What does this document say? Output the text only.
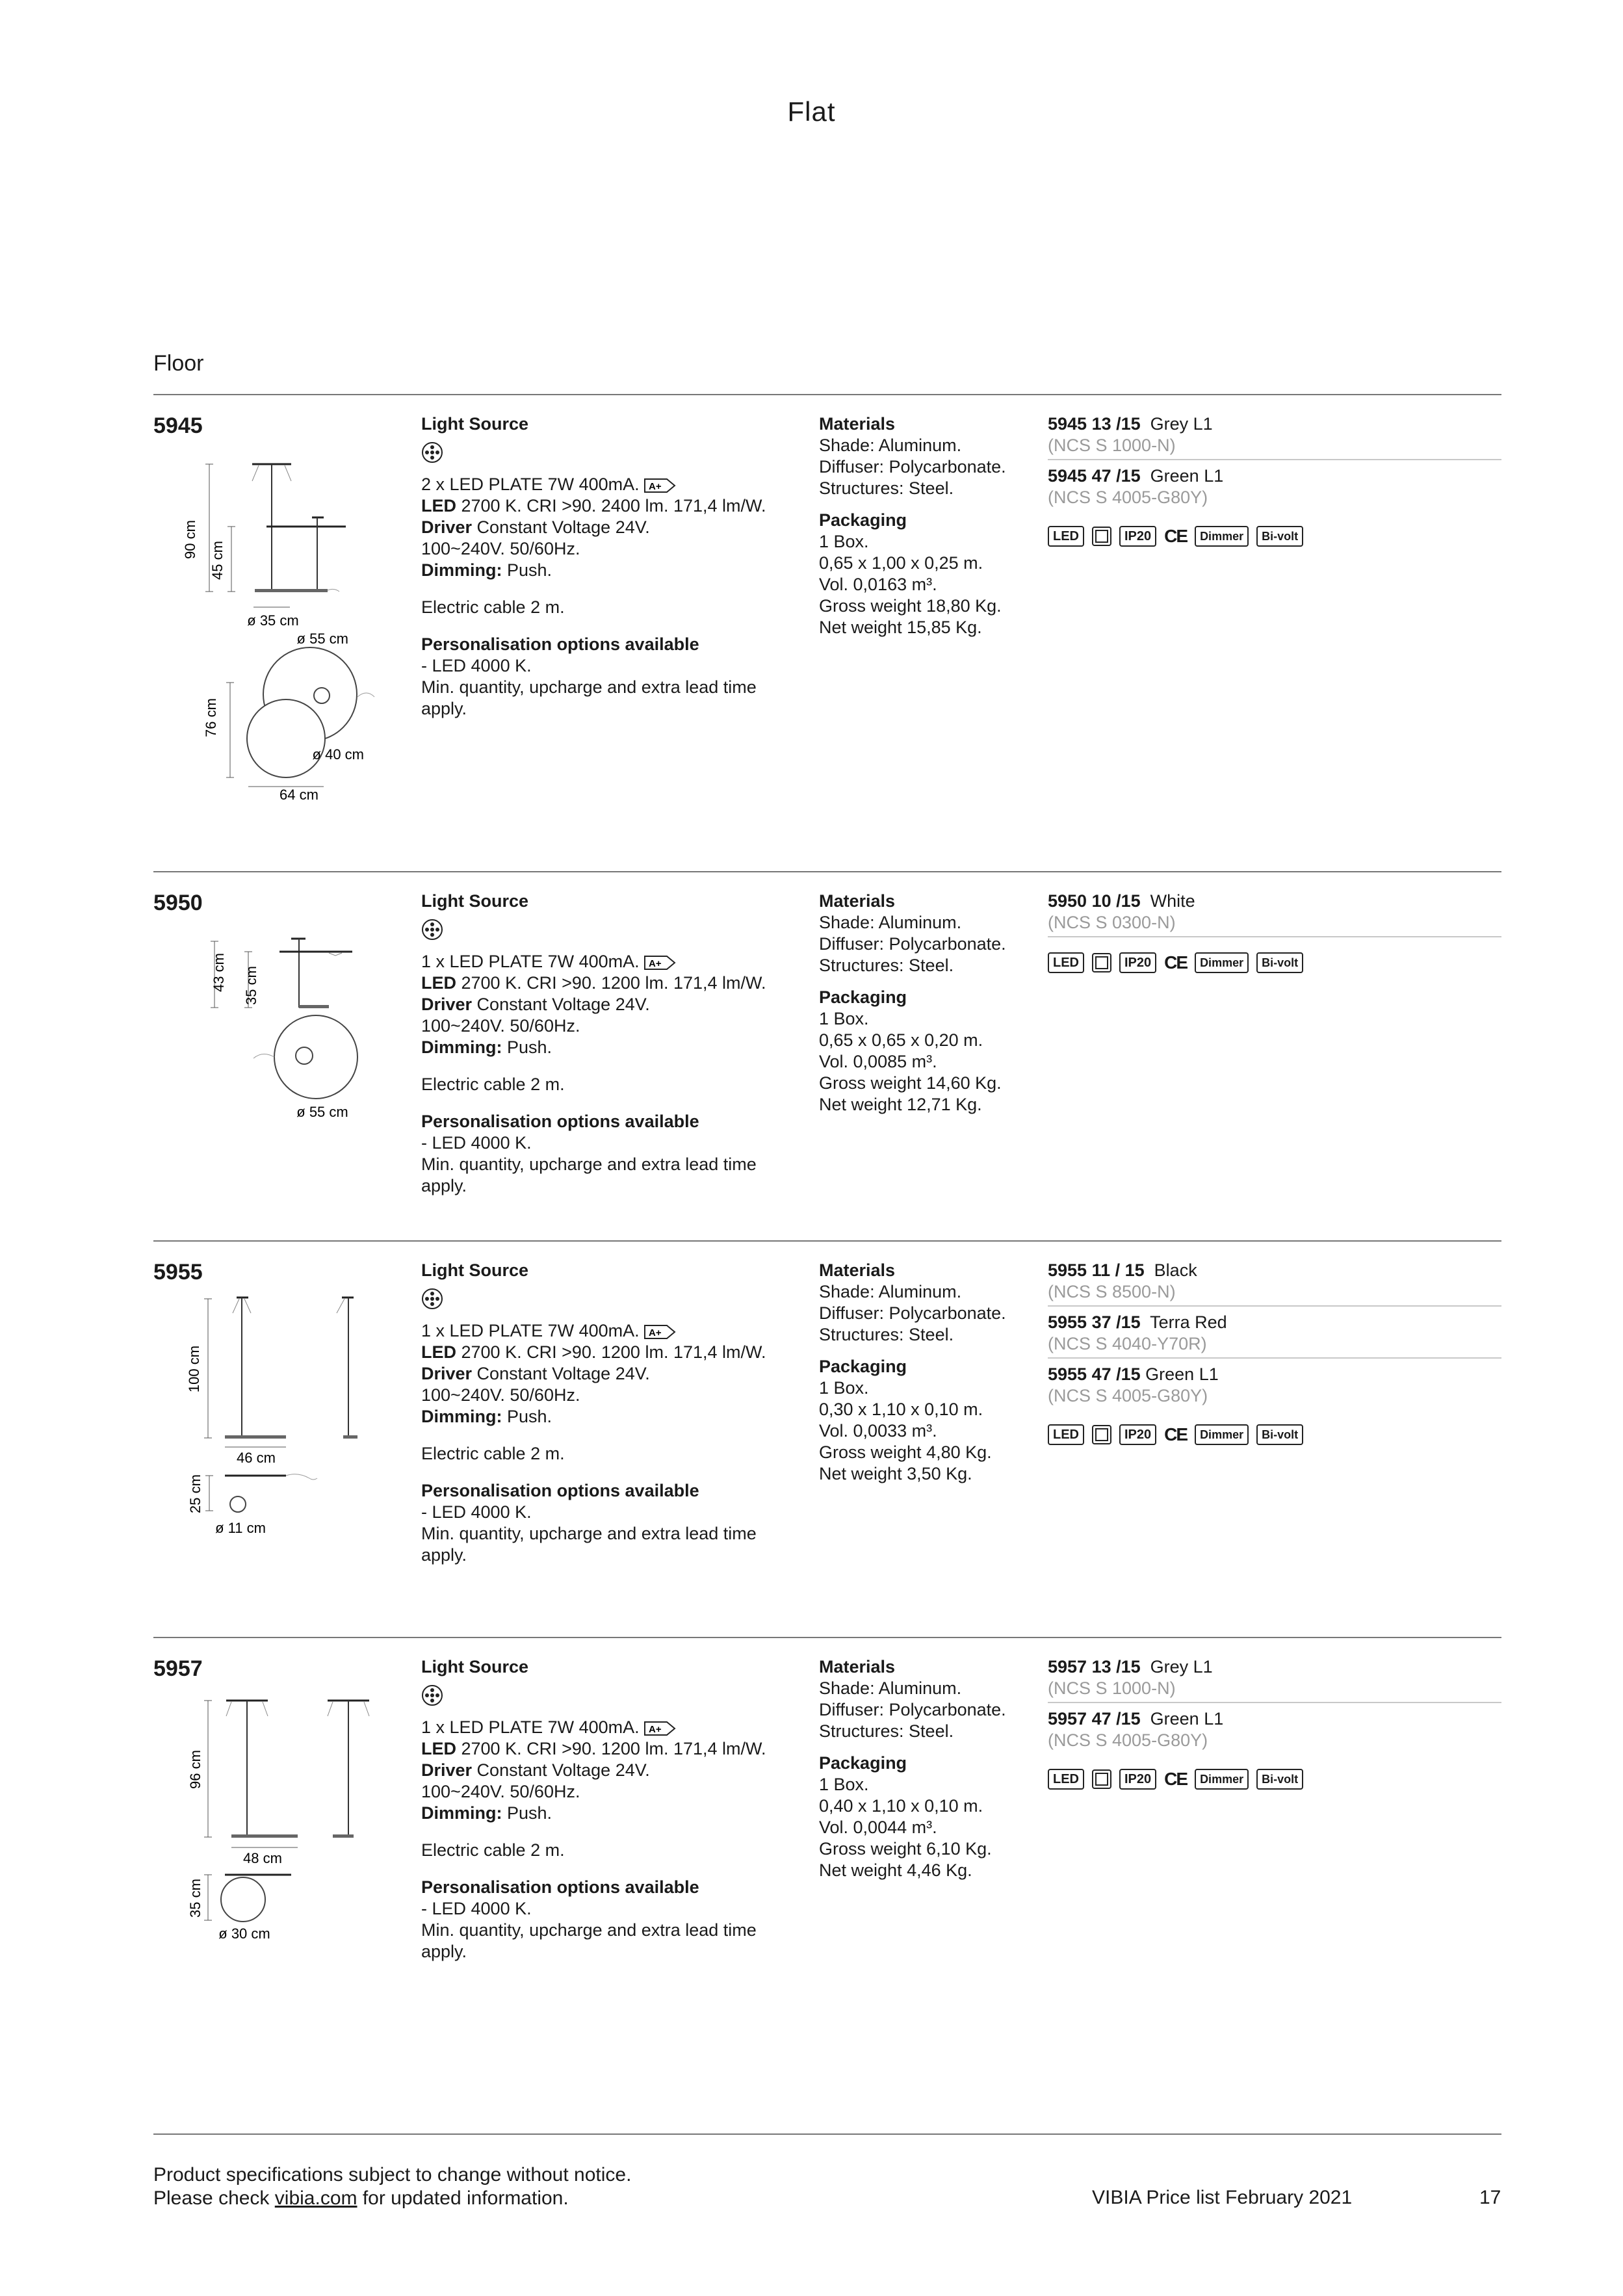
Flat
Floor
5945
90 cm
45 cm
ø 35 cm
ø 55 cm
76 cm
ø 40 cm
64 cm
Light Source
2 x LED PLATE 7W 400mA. A+
LED 2700 K. CRI >90. 2400 lm. 171,4 lm/W.
Driver Constant Voltage 24V.
100~240V. 50/60Hz.
Dimming: Push.
Electric cable 2 m.
Personalisation options available
- LED 4000 K.
Min. quantity, upcharge and extra lead time apply.
Materials
Shade: Aluminum.
Diffuser: Polycarbonate.
Structures: Steel.
Packaging
1 Box.
0,65 x 1,00 x 0,25 m.
Vol. 0,0163 m³.
Gross weight 18,80 Kg.
Net weight 15,85 Kg.
5945 13 /15 Grey L1
(NCS S 1000-N)
5945 47 /15 Green L1
(NCS S 4005-G80Y)
LED	IP20 CE	Dimmer	Bi-volt
5950
43 cm 35 cm
ø 55 cm
Light Source
1 x LED PLATE 7W 400mA. A+
LED 2700 K. CRI >90. 1200 lm. 171,4 lm/W.
Driver Constant Voltage 24V.
100~240V. 50/60Hz.
Dimming: Push.
Electric cable 2 m.
Personalisation options available
- LED 4000 K.
Min. quantity, upcharge and extra lead time apply.
Materials
Shade: Aluminum.
Diffuser: Polycarbonate.
Structures: Steel.
Packaging
1 Box.
0,65 x 0,65 x 0,20 m.
Vol. 0,0085 m³.
Gross weight 14,60 Kg.
Net weight 12,71 Kg.
5950 10 /15 White
(NCS S 0300-N)
LED	IP20 CE	Dimmer	Bi-volt
5955
100 cm
46 cm
25 cm
ø 11 cm
Light Source
1 x LED PLATE 7W 400mA. A+
LED 2700 K. CRI >90. 1200 lm. 171,4 lm/W.
Driver Constant Voltage 24V.
100~240V. 50/60Hz.
Dimming: Push.
Electric cable 2 m.
Personalisation options available
- LED 4000 K.
Min. quantity, upcharge and extra lead time apply.
Materials
Shade: Aluminum.
Diffuser: Polycarbonate.
Structures: Steel.
Packaging
1 Box.
0,30 x 1,10 x 0,10 m.
Vol. 0,0033 m³.
Gross weight 4,80 Kg.
Net weight 3,50 Kg.
5955 11 / 15 Black
(NCS S 8500-N)
5955 37 /15 Terra Red
(NCS S 4040-Y70R)
5955 47 /15 Green L1
(NCS S 4005-G80Y)
LED	IP20 CE	Dimmer	Bi-volt
5957
96 cm
48 cm
35 cm
ø 30 cm
Light Source
1 x LED PLATE 7W 400mA. A+
LED 2700 K. CRI >90. 1200 lm. 171,4 lm/W.
Driver Constant Voltage 24V.
100~240V. 50/60Hz.
Dimming: Push.
Electric cable 2 m.
Personalisation options available
- LED 4000 K.
Min. quantity, upcharge and extra lead time apply.
Materials
Shade: Aluminum.
Diffuser: Polycarbonate.
Structures: Steel.
Packaging
1 Box.
0,40 x 1,10 x 0,10 m.
Vol. 0,0044 m³.
Gross weight 6,10 Kg.
Net weight 4,46 Kg.
5957 13 /15 Grey L1
(NCS S 1000-N)
5957 47 /15 Green L1
(NCS S 4005-G80Y)
LED	IP20 CE	Dimmer	Bi-volt
Product specifications subject to change without notice.
Please check vibia.com for updated information.	VIBIA Price list February 2021	17
